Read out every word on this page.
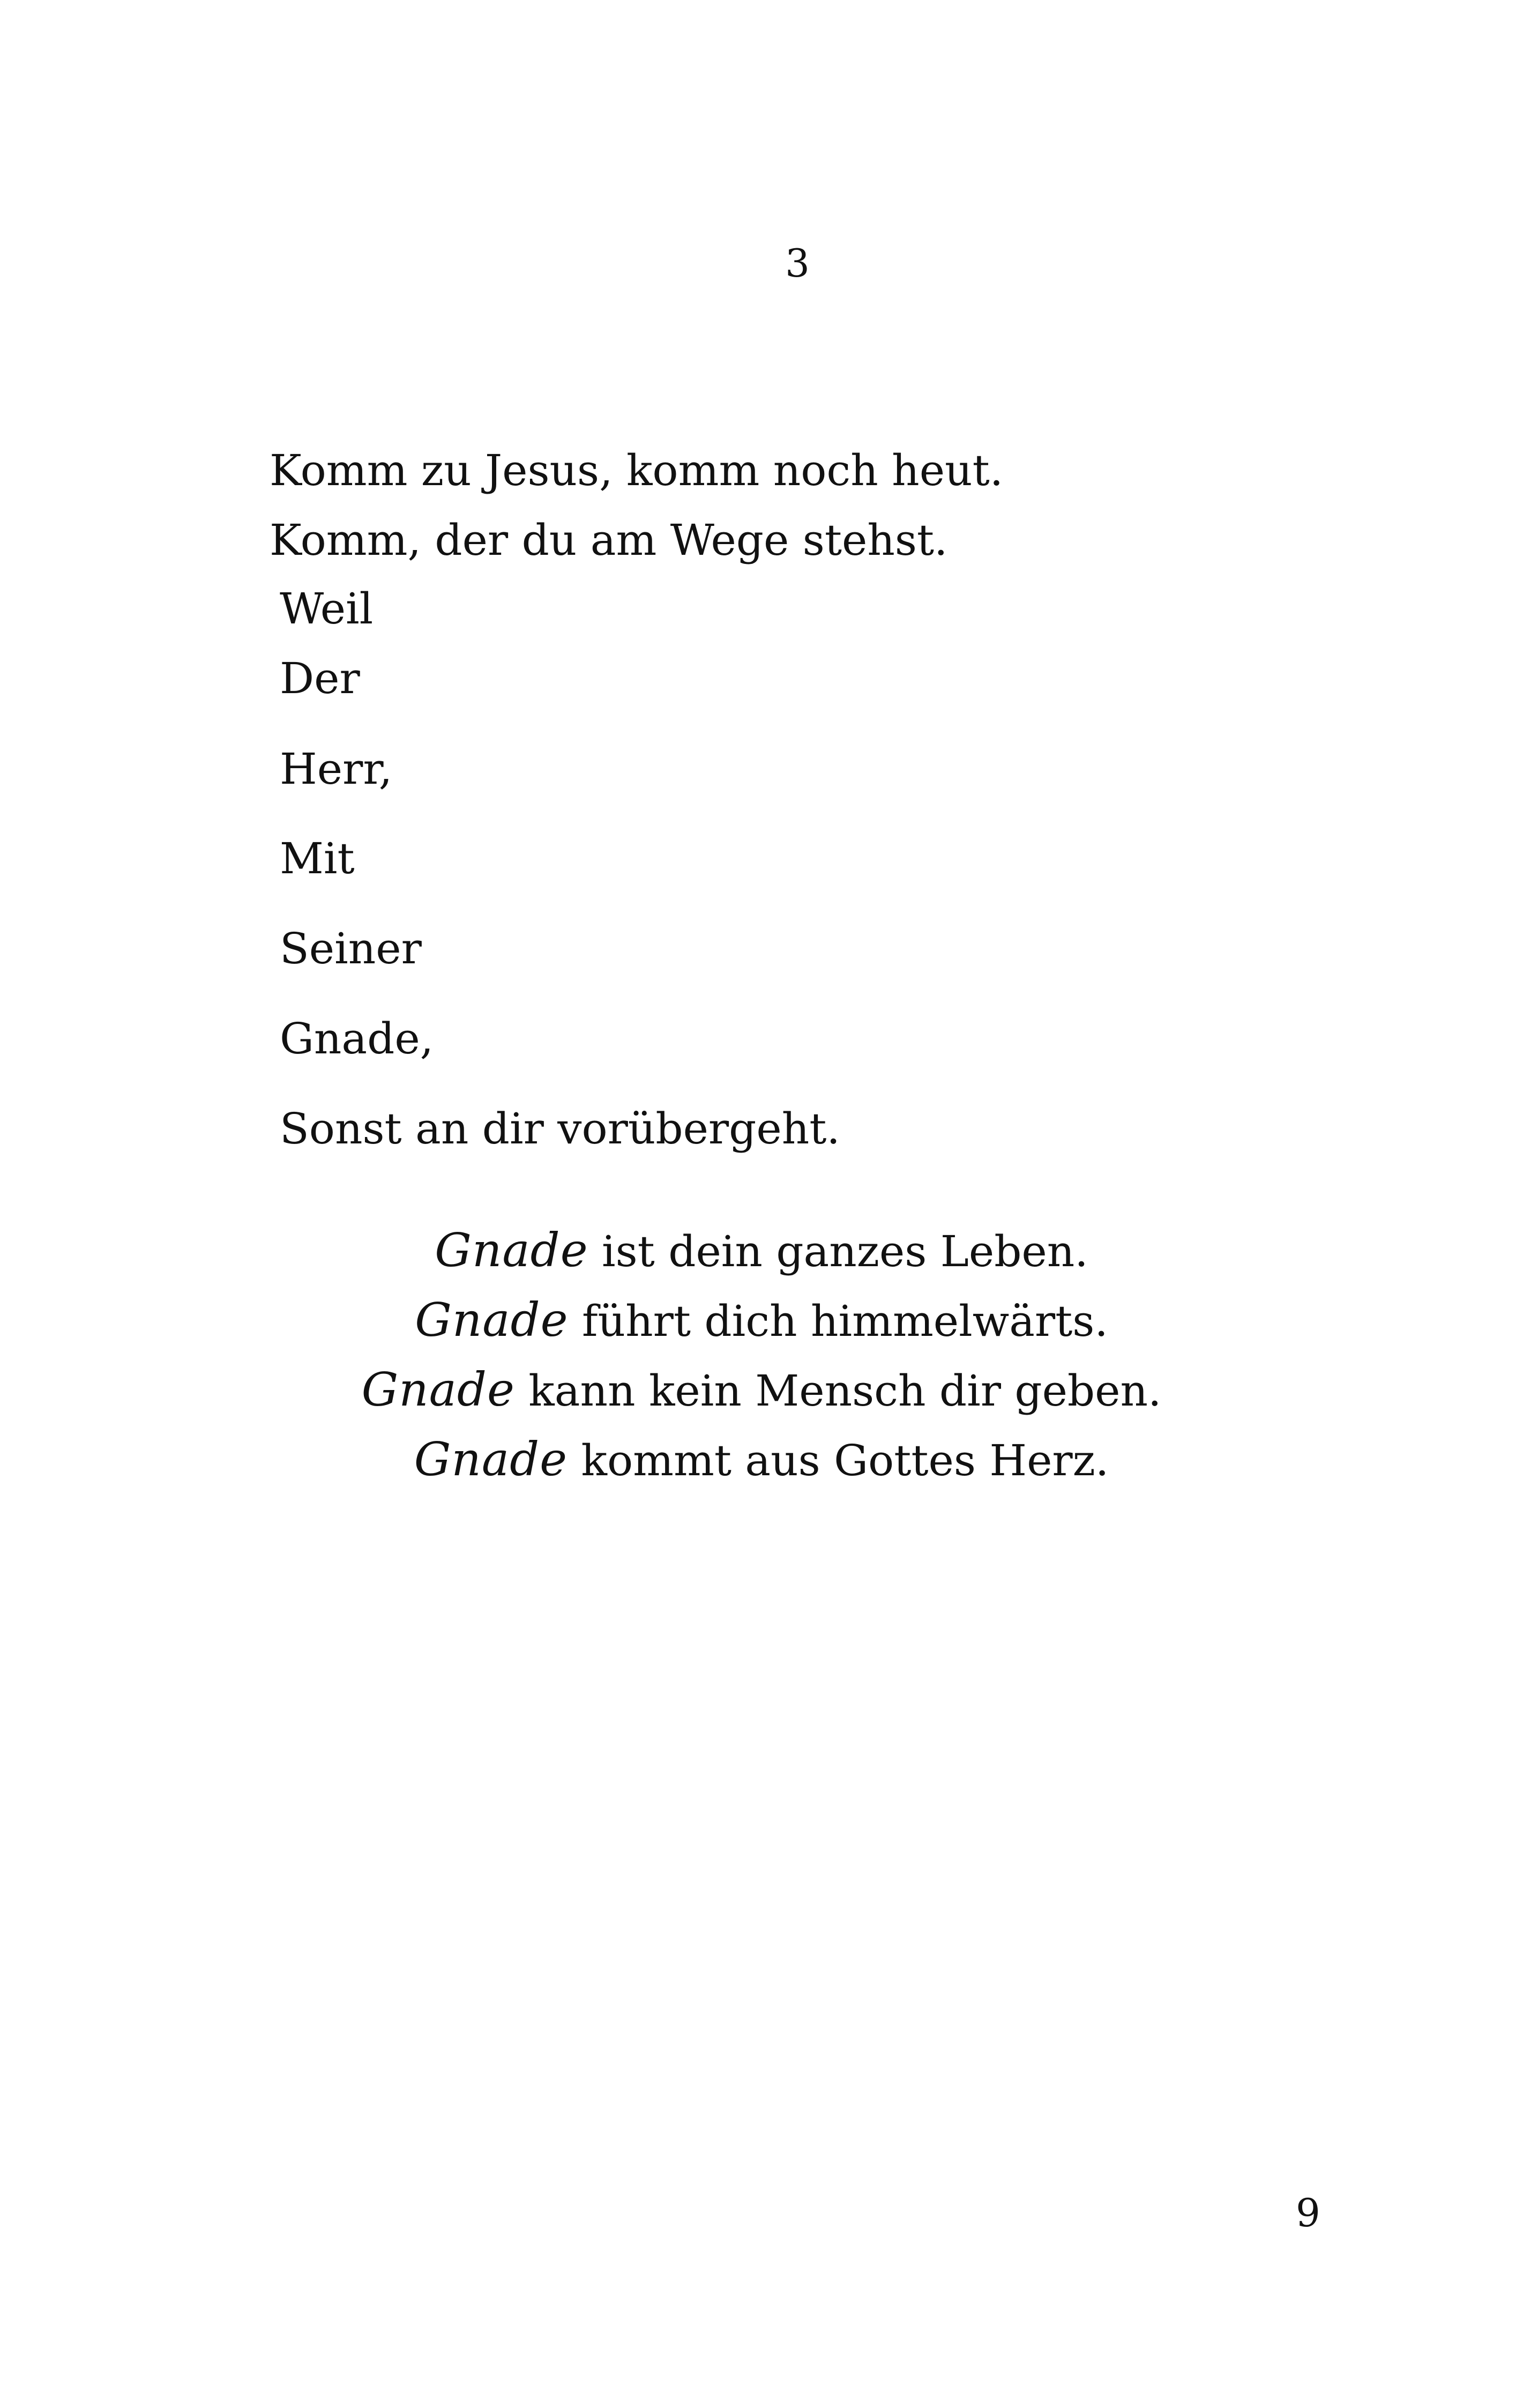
3
Komm zu Jesus, komm noch heut.
Komm, der du am Wege stehst.
Weil
Der
Herr,
Mit
Seiner
Gnade,
Sonst an dir vorübergeht.
Gnade ist dein ganzes Leben.
Gnade führt dich himmelwärts.
Gnade kann kein Mensch dir geben.
Gnade kommt aus Gottes Herz.
9
